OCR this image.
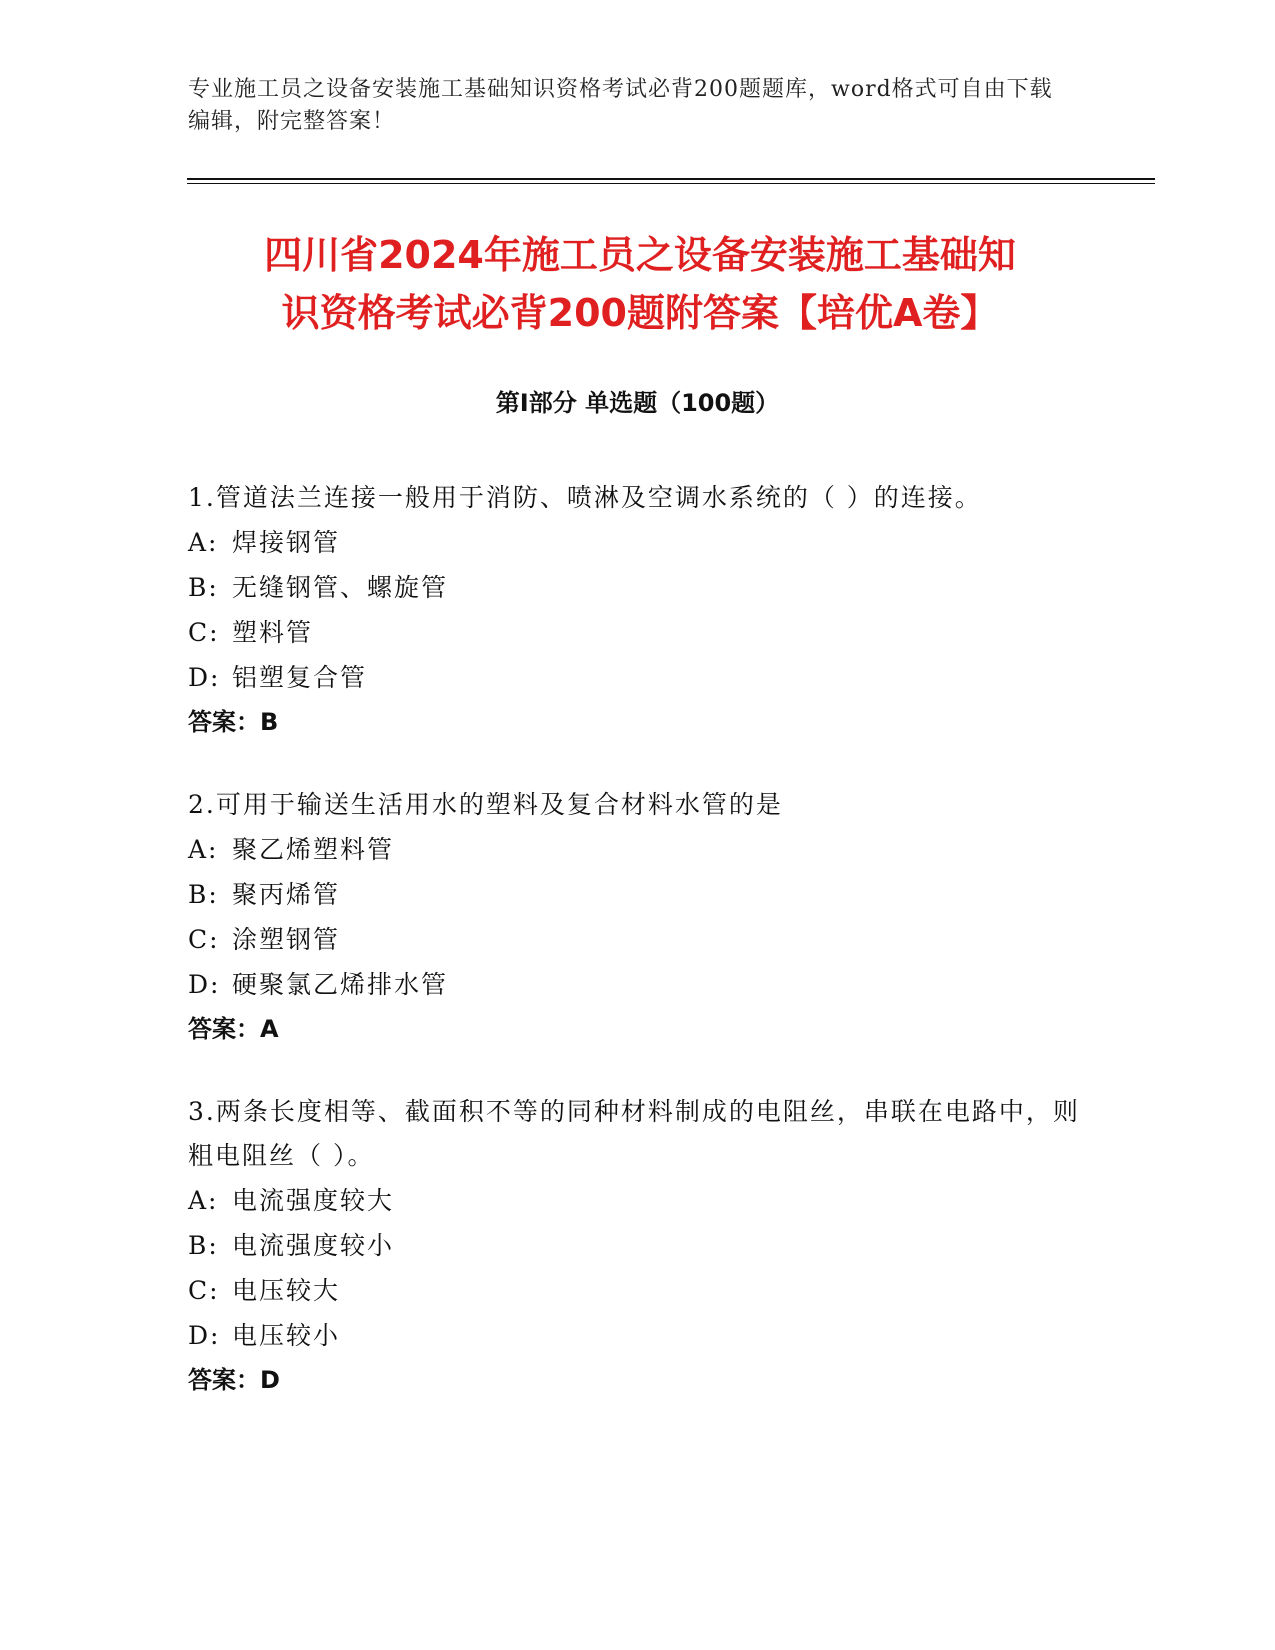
专业施工员之设备安装施工基础知识资格考试必背200题题库，word格式可自由下载编辑，附完整答案！
四川省2024年施工员之设备安装施工基础知
识资格考试必背200题附答案【培优A卷】
第Ⅰ部分 单选题（100题）
1.管道法兰连接一般用于消防、喷淋及空调水系统的（ ）的连接。
A: 焊接钢管
B: 无缝钢管、螺旋管
C: 塑料管
D: 铝塑复合管
答案：B
2.可用于输送生活用水的塑料及复合材料水管的是
A: 聚乙烯塑料管
B: 聚丙烯管
C: 涂塑钢管
D: 硬聚氯乙烯排水管
答案：A
3.两条长度相等、截面积不等的同种材料制成的电阻丝，串联在电路中，则粗电阻丝（ ）。
A: 电流强度较大
B: 电流强度较小
C: 电压较大
D: 电压较小
答案：D
